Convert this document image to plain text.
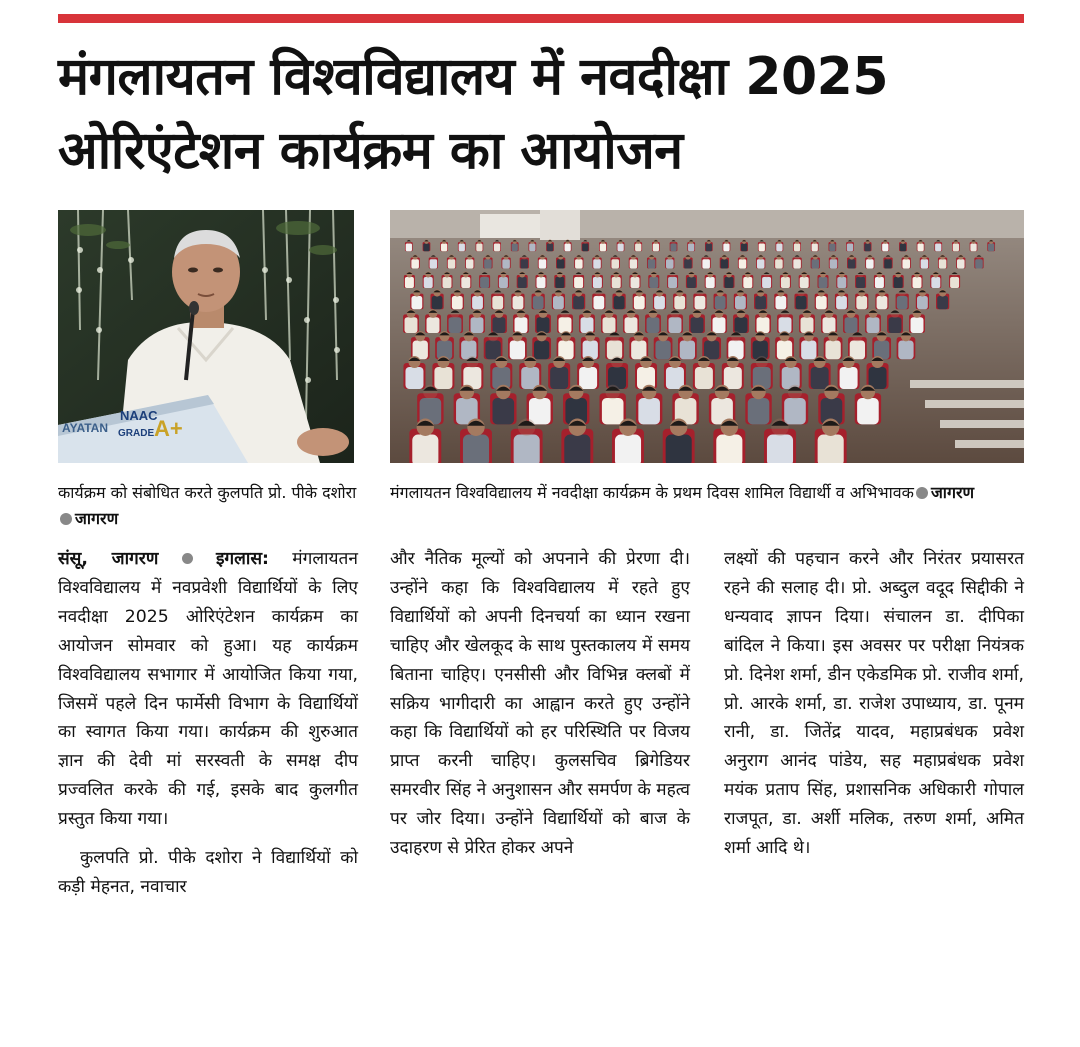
मंगलायतन विश्वविद्यालय में नवदीक्षा 2025
ओरिएंटेशन कार्यक्रम का आयोजन
AYATAN
NAAC
GRADE A+
कार्यक्रम को संबोधित करते कुलपति प्रो. पीके दशोराजागरण
मंगलायतन विश्वविद्यालय में नवदीक्षा कार्यक्रम के प्रथम दिवस शामिल विद्यार्थी व अभिभावक जागरण

संसू, जागरण	इगलास: मंगलायतन विश्वविद्यालय में नवप्रवेशी विद्यार्थियों के लिए नवदीक्षा 2025 ओरिएंटेशन कार्यक्रम का आयोजन सोमवार को हुआ। यह कार्यक्रम विश्वविद्यालय सभागार में आयोजित किया गया, जिसमें पहले दिन फार्मेसी विभाग के विद्यार्थियों का स्वागत किया गया। कार्यक्रम की शुरुआत ज्ञान की देवी मां सरस्वती के समक्ष दीप प्रज्वलित करके की गई, इसके बाद कुलगीत प्रस्तुत किया गया।

कुलपति प्रो. पीके दशोरा ने विद्यार्थियों को कड़ी मेहनत, नवाचार

और नैतिक मूल्यों को अपनाने की प्रेरणा दी। उन्होंने कहा कि विश्वविद्यालय में रहते हुए विद्यार्थियों को अपनी दिनचर्या का ध्यान रखना चाहिए और खेलकूद के साथ पुस्तकालय में समय बिताना चाहिए। एनसीसी और विभिन्न क्लबों में सक्रिय भागीदारी का आह्वान करते हुए उन्होंने कहा कि विद्यार्थियों को हर परिस्थिति पर विजय प्राप्त करनी चाहिए। कुलसचिव ब्रिगेडियर समरवीर सिंह ने अनुशासन और समर्पण के महत्व पर जोर दिया। उन्होंने विद्यार्थियों को बाज के उदाहरण से प्रेरित होकर अपने

लक्ष्यों की पहचान करने और निरंतर प्रयासरत रहने की सलाह दी। प्रो. अब्दुल वदूद सिद्दीकी ने धन्यवाद ज्ञापन दिया। संचालन डा. दीपिका बांदिल ने किया। इस अवसर पर परीक्षा नियंत्रक प्रो. दिनेश शर्मा, डीन एकेडमिक प्रो. राजीव शर्मा, प्रो. आरके शर्मा, डा. राजेश उपाध्याय, डा. पूनम रानी, डा. जितेंद्र यादव, महाप्रबंधक प्रवेश अनुराग आनंद पांडेय, सह महाप्रबंधक प्रवेश मयंक प्रताप सिंह, प्रशासनिक अधिकारी गोपाल राजपूत, डा. अर्शी मलिक, तरुण शर्मा, अमित शर्मा आदि थे।
